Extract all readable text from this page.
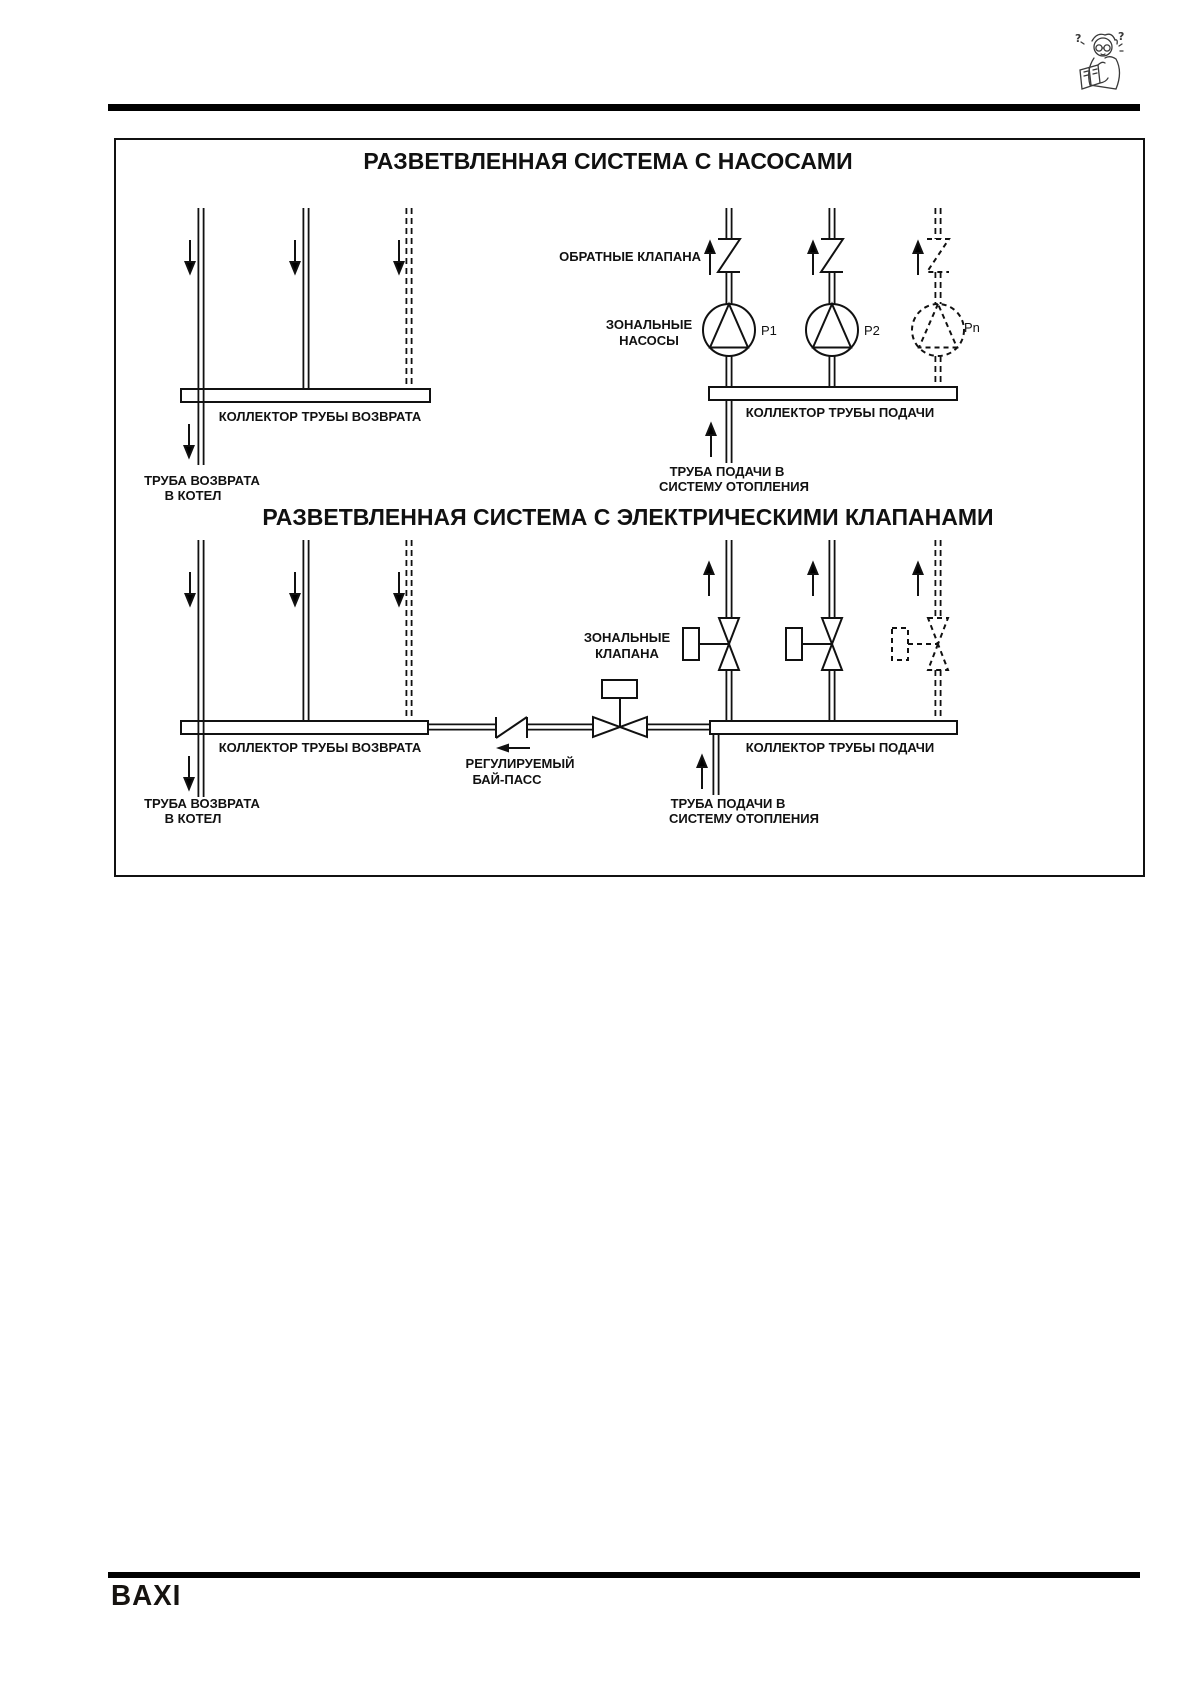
?	?
РАЗВЕТВЛЕННАЯ СИСТЕМА С НАСОСАМИ
КОЛЛЕКТОР ТРУБЫ ВОЗВРАТА
ТРУБА ВОЗВРАТА
В КОТЕЛ
ОБРАТНЫЕ КЛАПАНА
ЗОНАЛЬНЫЕ
НАСОСЫ
P1	P2	Pn
КОЛЛЕКТОР ТРУБЫ ПОДАЧИ
ТРУБА ПОДАЧИ В
СИСТЕМУ ОТОПЛЕНИЯ
РАЗВЕТВЛЕННАЯ СИСТЕМА С ЭЛЕКТРИЧЕСКИМИ КЛАПАНАМИ
КОЛЛЕКТОР ТРУБЫ ВОЗВРАТА
ТРУБА ВОЗВРАТА
В КОТЕЛ
РЕГУЛИРУЕМЫЙ
БАЙ-ПАСС
ЗОНАЛЬНЫЕ
КЛАПАНА
КОЛЛЕКТОР ТРУБЫ ПОДАЧИ
ТРУБА ПОДАЧИ В
СИСТЕМУ ОТОПЛЕНИЯ
BAXI
